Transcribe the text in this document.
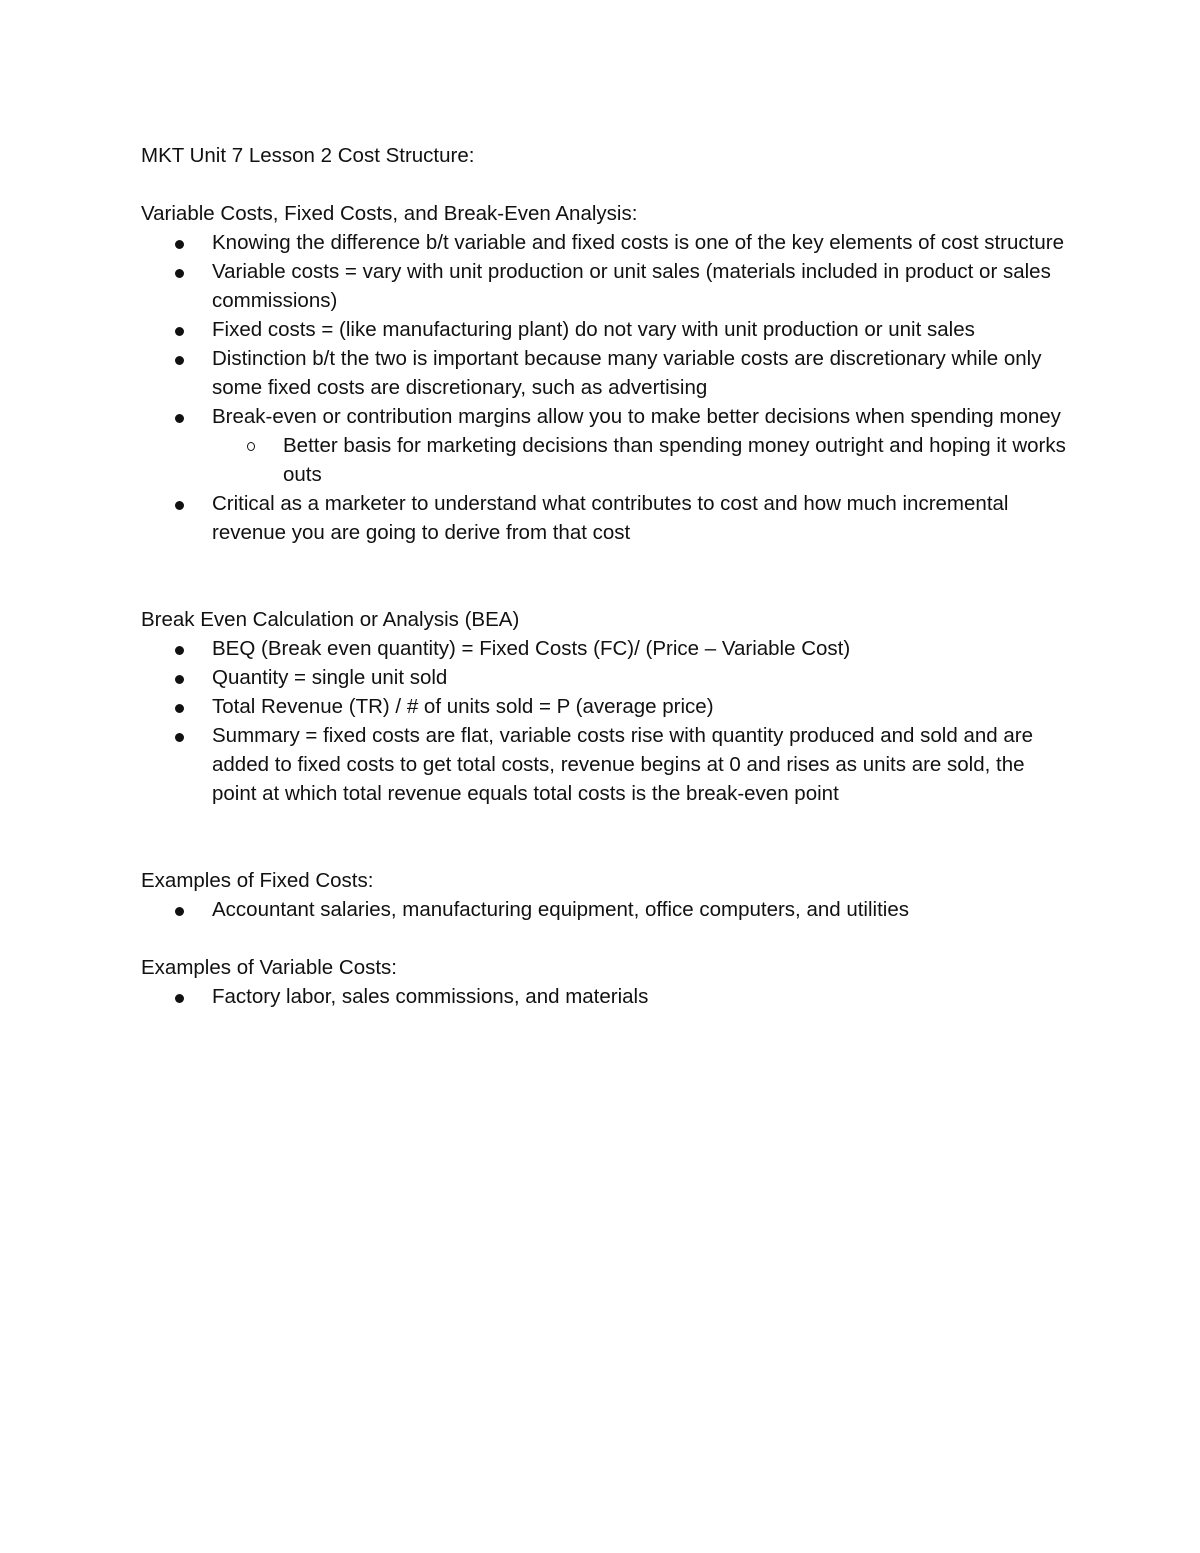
MKT Unit 7 Lesson 2 Cost Structure:

Variable Costs, Fixed Costs, and Break-Even Analysis:

Knowing the difference b/t variable and fixed costs is one of the key elements of cost structure
Variable costs = vary with unit production or unit sales (materials included in product or sales commissions)
Fixed costs = (like manufacturing plant) do not vary with unit production or unit sales
Distinction b/t the two is important because many variable costs are discretionary while only some fixed costs are discretionary, such as advertising
Break-even or contribution margins allow you to make better decisions when spending money
Better basis for marketing decisions than spending money outright and hoping it works outs
Critical as a marketer to understand what contributes to cost and how much incremental revenue you are going to derive from that cost

Break Even Calculation or Analysis (BEA)

BEQ (Break even quantity) = Fixed Costs (FC)/ (Price – Variable Cost)
Quantity = single unit sold
Total Revenue (TR) / # of units sold = P (average price)
Summary = fixed costs are flat, variable costs rise with quantity produced and sold and are added to fixed costs to get total costs, revenue begins at 0 and rises as units are sold, the point at which total revenue equals total costs is the break-even point

Examples of Fixed Costs:

Accountant salaries, manufacturing equipment, office computers, and utilities

Examples of Variable Costs:

Factory labor, sales commissions, and materials
